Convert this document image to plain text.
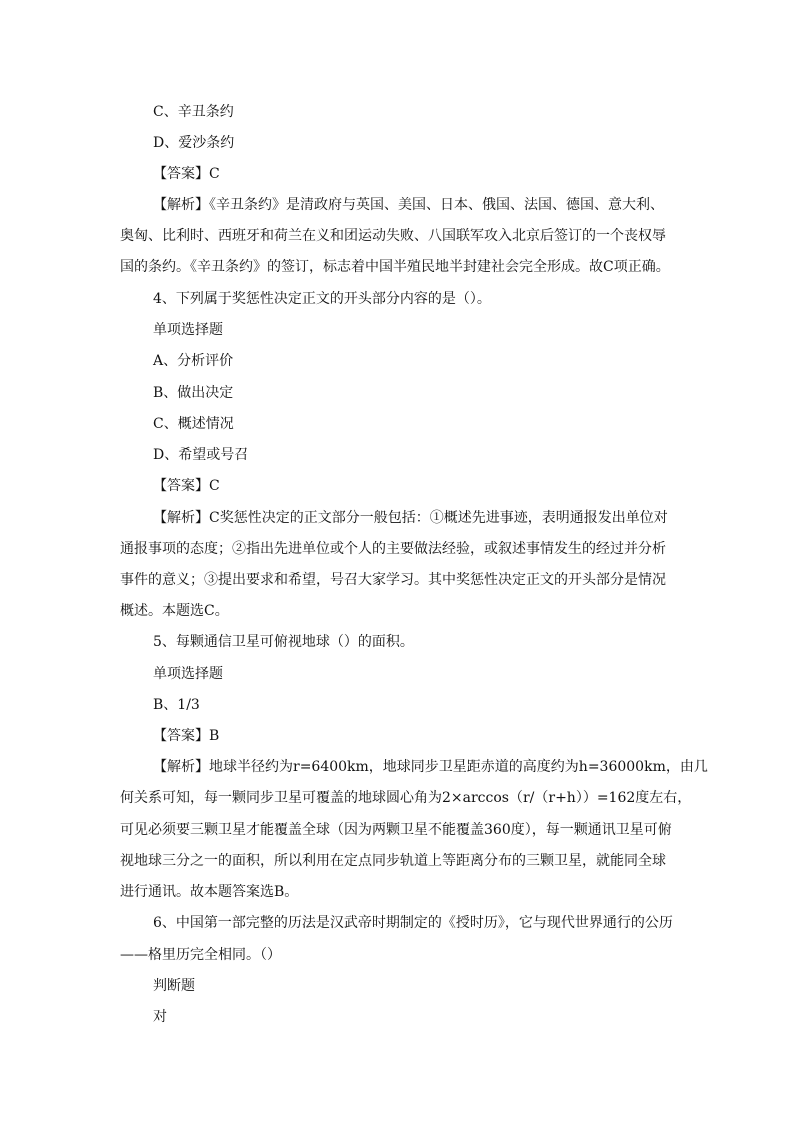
C、辛丑条约
D、爱沙条约
【答案】C
【解析】《辛丑条约》是清政府与英国、美国、日本、俄国、法国、德国、意大利、
奥匈、比利时、西班牙和荷兰在义和团运动失败、八国联军攻入北京后签订的一个丧权辱
国的条约。《辛丑条约》的签订，标志着中国半殖民地半封建社会完全形成。故C项正确。
4、下列属于奖惩性决定正文的开头部分内容的是（）。
单项选择题
A、分析评价
B、做出决定
C、概述情况
D、希望或号召
【答案】C
【解析】C奖惩性决定的正文部分一般包括：①概述先进事迹，表明通报发出单位对
通报事项的态度；②指出先进单位或个人的主要做法经验，或叙述事情发生的经过并分析
事件的意义；③提出要求和希望，号召大家学习。其中奖惩性决定正文的开头部分是情况
概述。本题选C。
5、每颗通信卫星可俯视地球（）的面积。
单项选择题
B、1/3
【答案】B
【解析】地球半径约为r=6400km，地球同步卫星距赤道的高度约为h=36000km，由几
何关系可知，每一颗同步卫星可覆盖的地球圆心角为2×arccos（r/（r+h））=162度左右，
可见必须要三颗卫星才能覆盖全球（因为两颗卫星不能覆盖360度），每一颗通讯卫星可俯
视地球三分之一的面积，所以利用在定点同步轨道上等距离分布的三颗卫星，就能同全球
进行通讯。故本题答案选B。
6、中国第一部完整的历法是汉武帝时期制定的《授时历》，它与现代世界通行的公历
——格里历完全相同。（）
判断题
对
